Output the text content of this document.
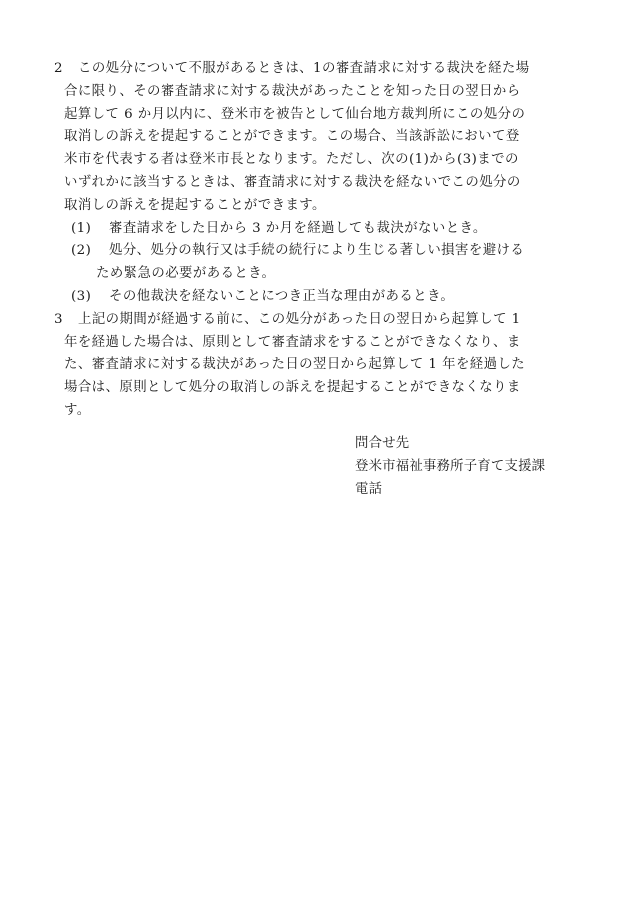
2 この処分について不服があるときは、1の審査請求に対する裁決を経た場
合に限り、その審査請求に対する裁決があったことを知った日の翌日から
起算して 6 か月以内に、登米市を被告として仙台地方裁判所にこの処分の
取消しの訴えを提起することができます。この場合、当該訴訟において登
米市を代表する者は登米市長となります。ただし、次の(1)から(3)までの
いずれかに該当するときは、審査請求に対する裁決を経ないでこの処分の
取消しの訴えを提起することができます。
(1) 審査請求をした日から 3 か月を経過しても裁決がないとき。
(2) 処分、処分の執行又は手続の続行により生じる著しい損害を避ける
ため緊急の必要があるとき。
(3) その他裁決を経ないことにつき正当な理由があるとき。
3 上記の期間が経過する前に、この処分があった日の翌日から起算して 1
年を経過した場合は、原則として審査請求をすることができなくなり、ま
た、審査請求に対する裁決があった日の翌日から起算して 1 年を経過した
場合は、原則として処分の取消しの訴えを提起することができなくなりま
す。
問合せ先
登米市福祉事務所子育て支援課
電話
